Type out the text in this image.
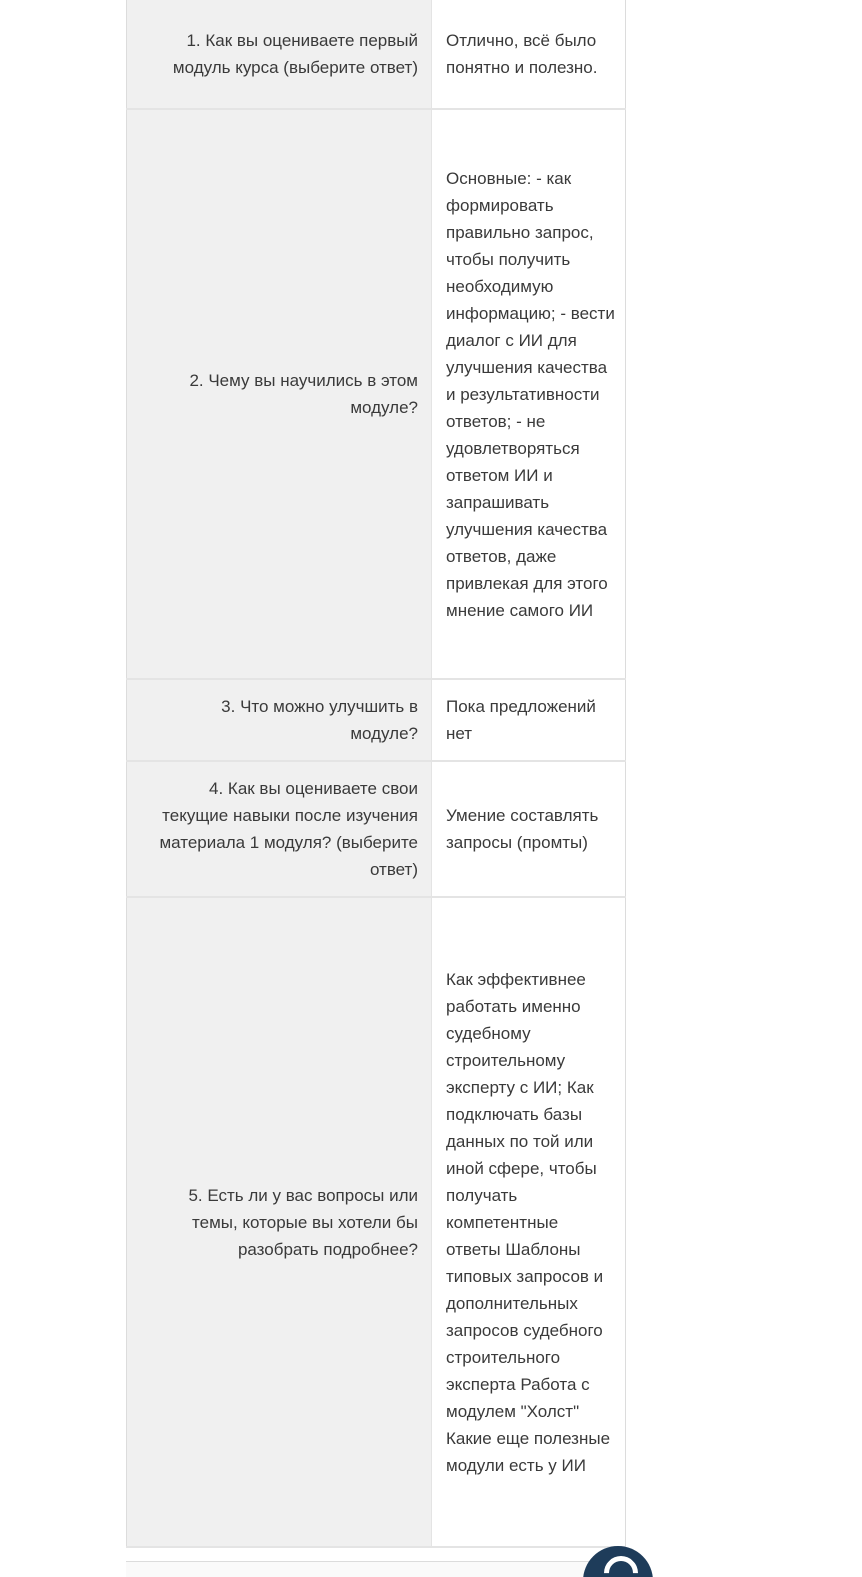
1. Как вы оцениваете первый модуль курса (выберите ответ)	Отлично, всё было понятно и полезно.

2. Чему вы научились в этом модуле?	Основные: - как формировать правильно запрос, чтобы получить необходимую информацию; - вести диалог с ИИ для улучшения качества и результативности ответов; - не удовлетворяться ответом ИИ и запрашивать улучшения качества ответов, даже привлекая для этого мнение самого ИИ

3. Что можно улучшить в модуле?	Пока предложений нет

4. Как вы оцениваете свои текущие навыки после изучения материала 1 модуля? (выберите ответ)	Умение составлять запросы (промты)

5. Есть ли у вас вопросы или темы, которые вы хотели бы разобрать подробнее?	Как эффективнее работать именно судебному строительному эксперту с ИИ; Как подключать базы данных по той или иной сфере, чтобы получать компетентные ответы Шаблоны типовых запросов и дополнительных запросов судебного строительного эксперта Работа с модулем "Холст" Какие еще полезные модули есть у ИИ
